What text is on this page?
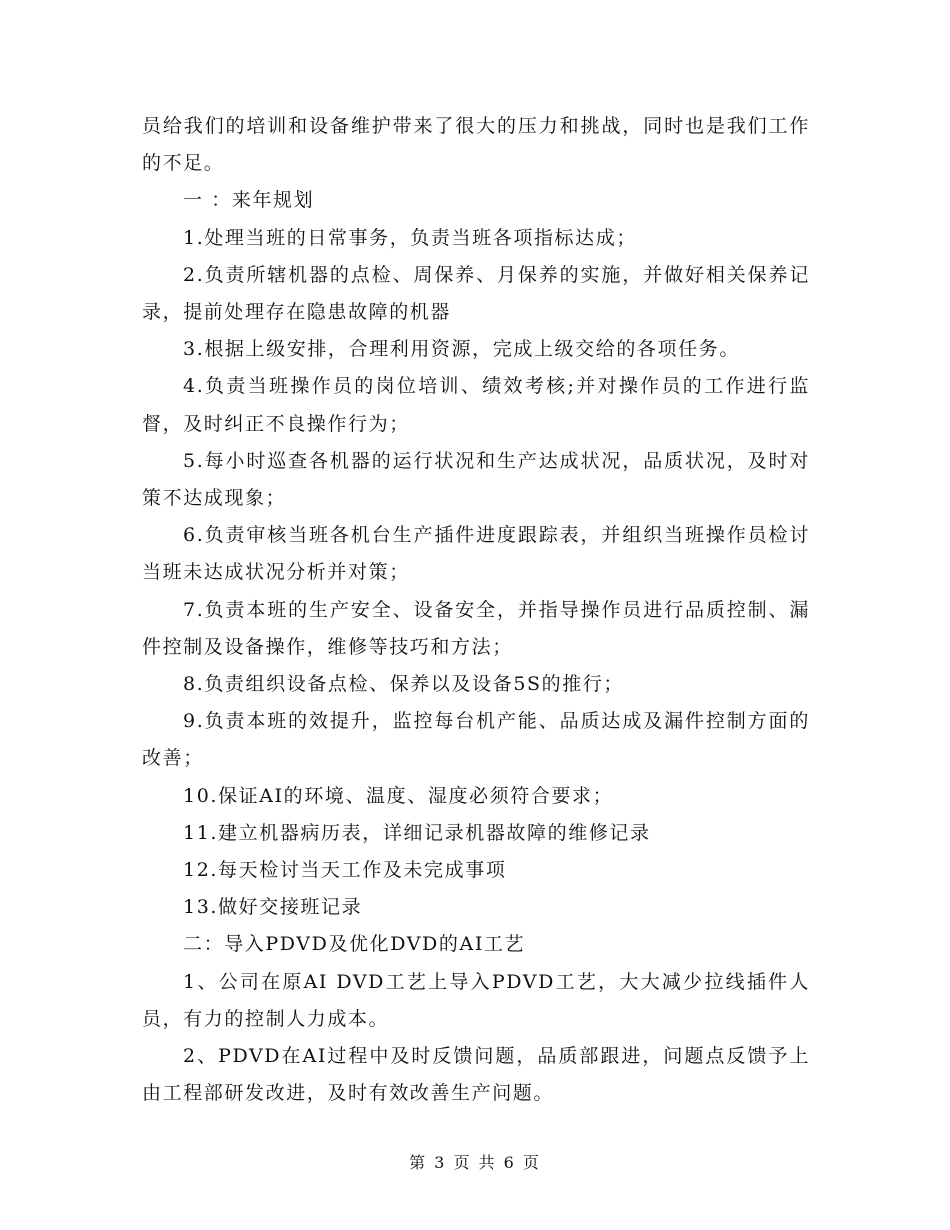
员给我们的培训和设备维护带来了很大的压力和挑战，同时也是我们工作的不足。

一 ：来年规划

1.处理当班的日常事务，负责当班各项指标达成；

2.负责所辖机器的点检、周保养、月保养的实施，并做好相关保养记录，提前处理存在隐患故障的机器

3.根据上级安排，合理利用资源，完成上级交给的各项任务。

4.负责当班操作员的岗位培训、绩效考核;并对操作员的工作进行监督，及时纠正不良操作行为；

5.每小时巡查各机器的运行状况和生产达成状况，品质状况，及时对策不达成现象；

6.负责审核当班各机台生产插件进度跟踪表，并组织当班操作员检讨当班未达成状况分析并对策；

7.负责本班的生产安全、设备安全，并指导操作员进行品质控制、漏件控制及设备操作，维修等技巧和方法；

8.负责组织设备点检、保养以及设备5S的推行；

9.负责本班的效提升，监控每台机产能、品质达成及漏件控制方面的改善；

10.保证AI的环境、温度、湿度必须符合要求；

11.建立机器病历表，详细记录机器故障的维修记录

12.每天检讨当天工作及未完成事项

13.做好交接班记录

二：导入PDVD及优化DVD的AI工艺

1、公司在原AI DVD工艺上导入PDVD工艺，大大减少拉线插件人员，有力的控制人力成本。

2、PDVD在AI过程中及时反馈问题，品质部跟进，问题点反馈予上由工程部研发改进，及时有效改善生产问题。

第 3 页 共 6 页
